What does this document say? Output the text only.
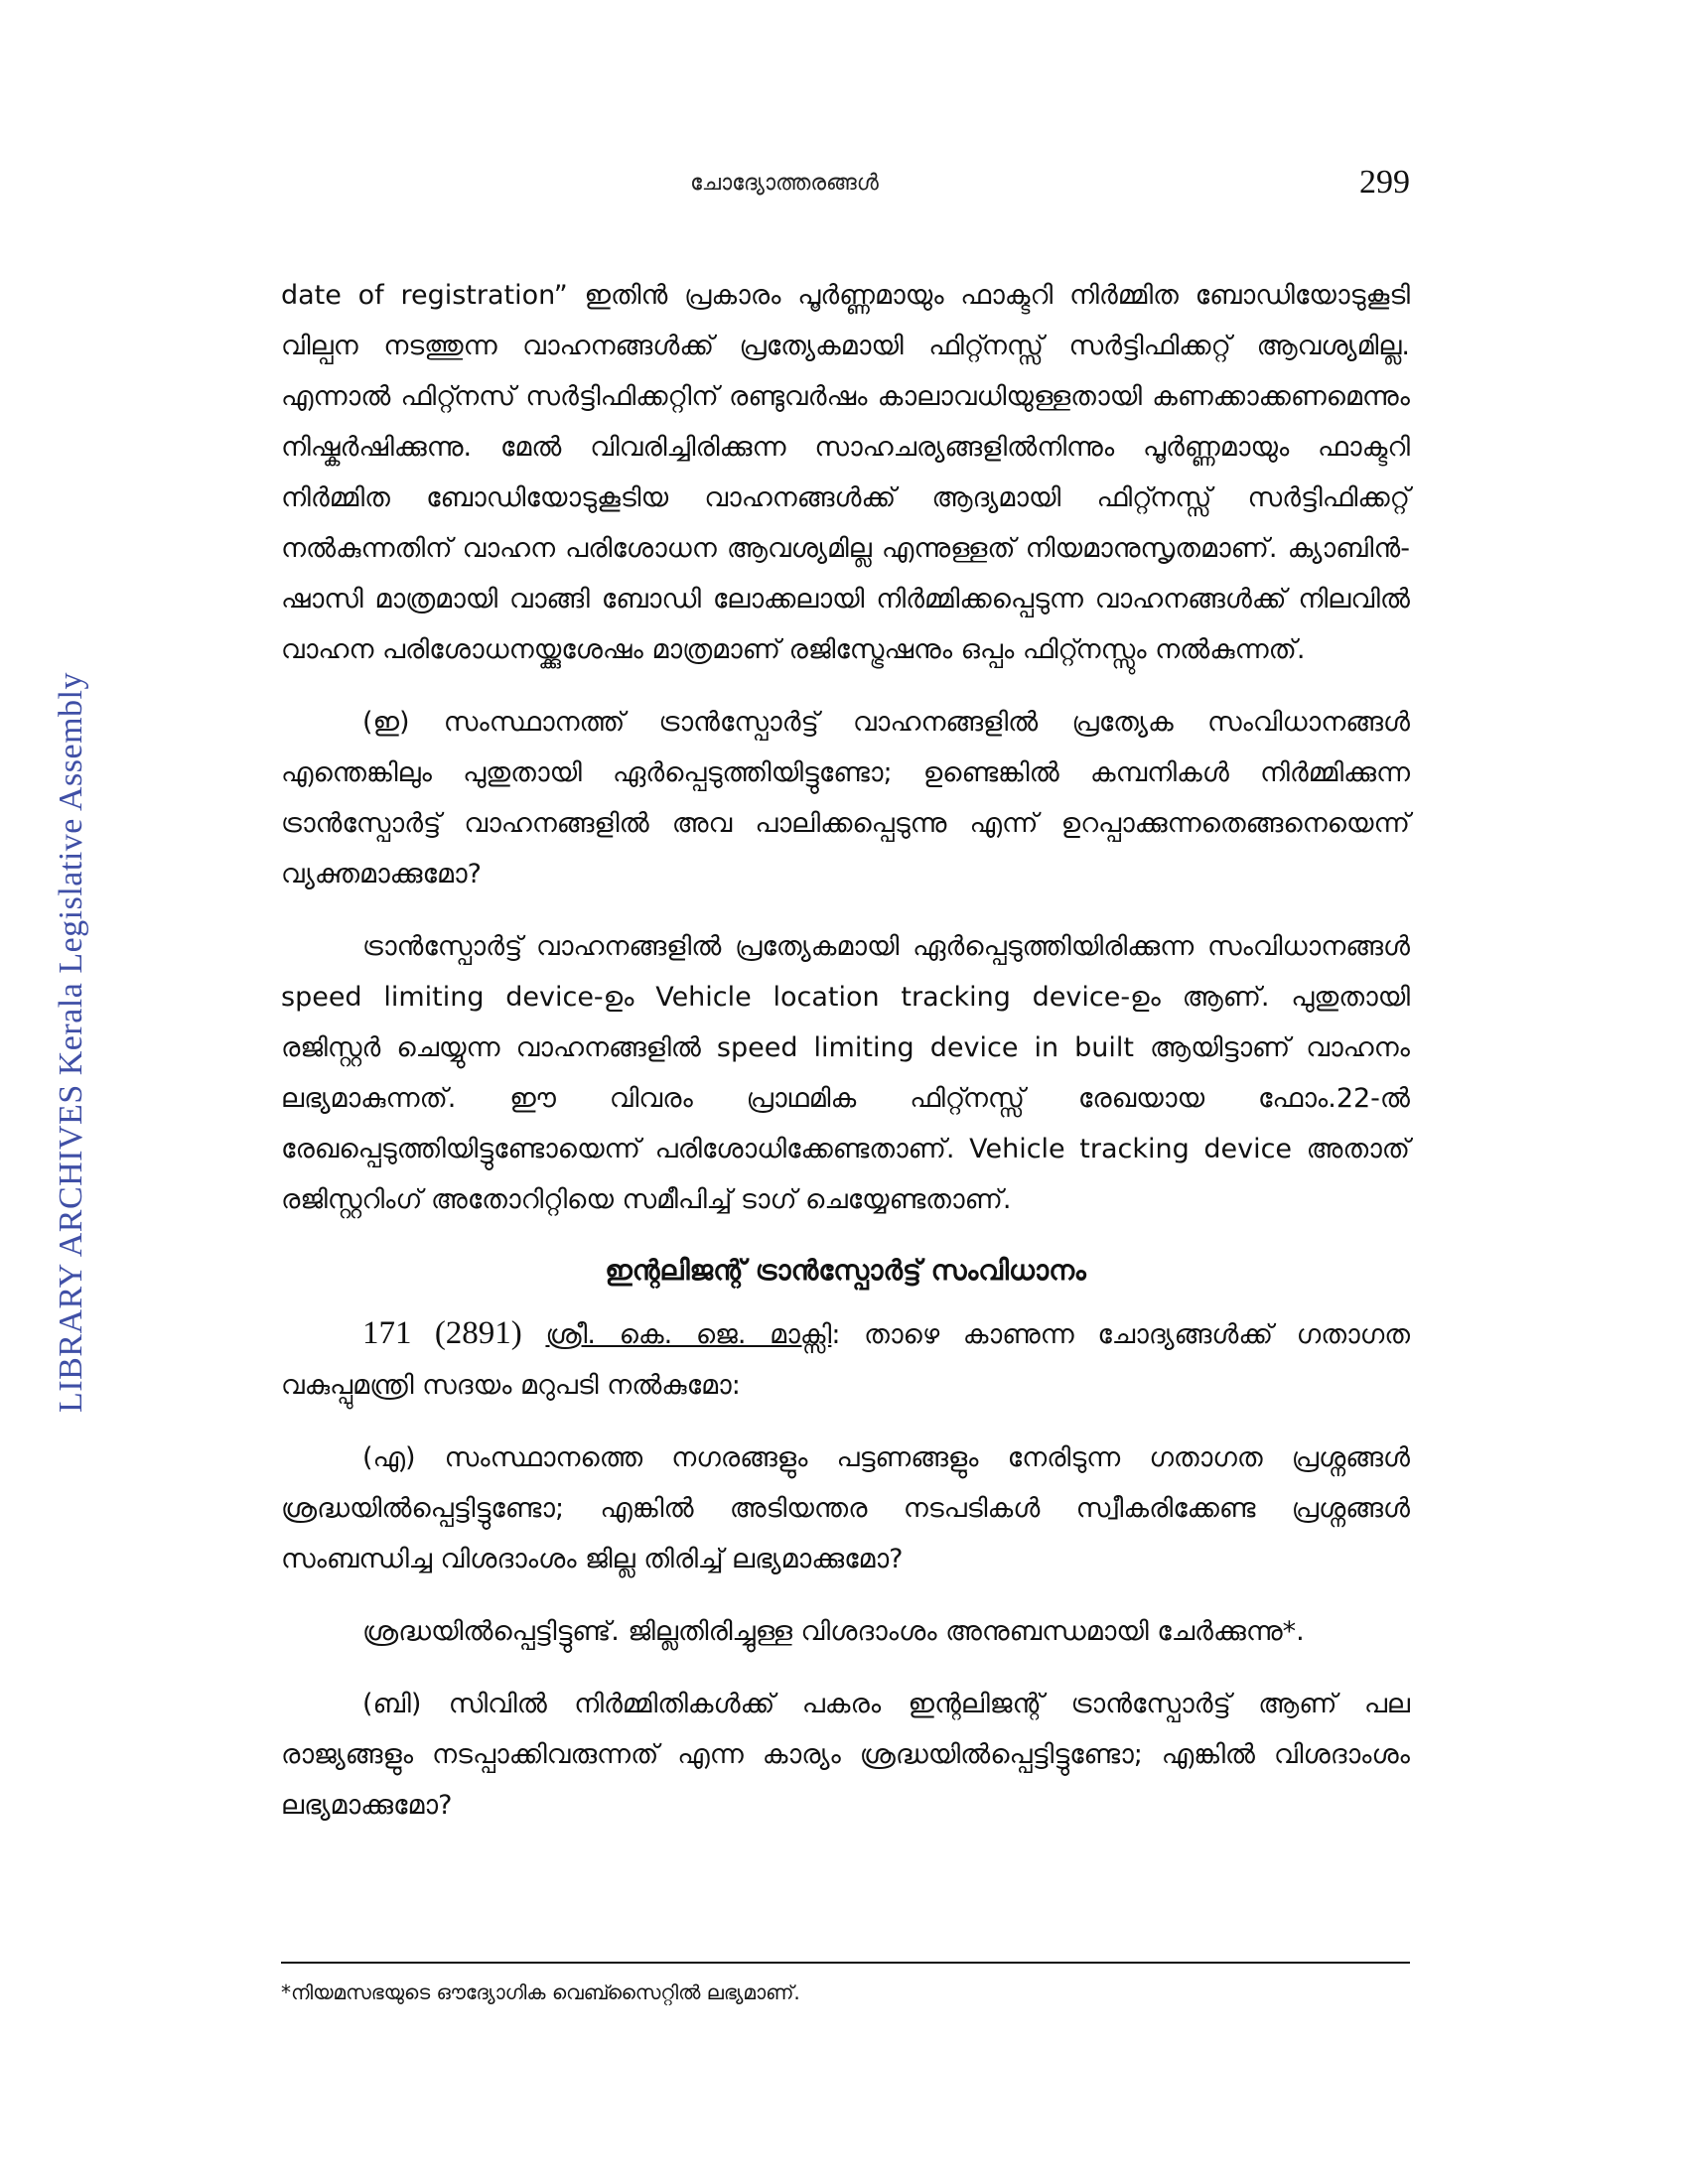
LIBRARY ARCHIVES Kerala Legislative Assembly
ചോദ്യോത്തരങ്ങൾ	299

date of registration” ഇതിൻ പ്രകാരം പൂർണ്ണമായും ഫാക്ടറി നിർമ്മിത ബോഡിയോടുകൂടി വില്പന നടത്തുന്ന വാഹനങ്ങൾക്ക് പ്രത്യേകമായി ഫിറ്റ്നസ്സ് സർട്ടിഫിക്കറ്റ് ആവശ്യമില്ല. എന്നാൽ ഫിറ്റ്നസ് സർട്ടിഫിക്കറ്റിന് രണ്ടുവർഷം കാലാവധിയുള്ളതായി കണക്കാക്കണമെന്നും നിഷ്കർഷിക്കുന്നു. മേൽ വിവരിച്ചിരിക്കുന്ന സാഹചര്യങ്ങളിൽനിന്നും പൂർണ്ണമായും ഫാക്ടറി നിർമ്മിത ബോഡിയോടുകൂടിയ വാഹനങ്ങൾക്ക് ആദ്യമായി ഫിറ്റ്നസ്സ് സർട്ടിഫിക്കറ്റ് നൽകുന്നതിന് വാഹന പരിശോധന ആവശ്യമില്ല എന്നുള്ളത് നിയമാനുസൃതമാണ്. ക്യാബിൻ-ഷാസി മാത്രമായി വാങ്ങി ബോഡി ലോക്കലായി നിർമ്മിക്കപ്പെടുന്ന വാഹനങ്ങൾക്ക് നിലവിൽ വാഹന പരിശോധനയ്ക്കുശേഷം മാത്രമാണ് രജിസ്ട്രേഷനും ഒപ്പം ഫിറ്റ്നസ്സും നൽകുന്നത്.

(ഇ) സംസ്ഥാനത്ത് ട്രാൻസ്പോർട്ട് വാഹനങ്ങളിൽ പ്രത്യേക സംവിധാനങ്ങൾ എന്തെങ്കിലും പുതുതായി ഏർപ്പെടുത്തിയിട്ടുണ്ടോ; ഉണ്ടെങ്കിൽ കമ്പനികൾ നിർമ്മിക്കുന്ന ട്രാൻസ്പോർട്ട് വാഹനങ്ങളിൽ അവ പാലിക്കപ്പെടുന്നു എന്ന് ഉറപ്പാക്കുന്നതെങ്ങനെയെന്ന് വ്യക്തമാക്കുമോ?

ട്രാൻസ്പോർട്ട് വാഹനങ്ങളിൽ പ്രത്യേകമായി ഏർപ്പെടുത്തിയിരിക്കുന്ന സംവിധാനങ്ങൾ speed limiting device-ഉം Vehicle location tracking device-ഉം ആണ്. പുതുതായി രജിസ്റ്റർ ചെയ്യുന്ന വാഹനങ്ങളിൽ speed limiting device in built ആയിട്ടാണ് വാഹനം ലഭ്യമാകുന്നത്. ഈ വിവരം പ്രാഥമിക ഫിറ്റ്നസ്സ് രേഖയായ ഫോം.22-ൽ രേഖപ്പെടുത്തിയിട്ടുണ്ടോയെന്ന് പരിശോധിക്കേണ്ടതാണ്. Vehicle tracking device അതാത് രജിസ്റ്ററിംഗ് അതോറിറ്റിയെ സമീപിച്ച് ടാഗ് ചെയ്യേണ്ടതാണ്.

ഇന്റലിജന്റ് ട്രാൻസ്പോർട്ട് സംവിധാനം

171 (2891) ശ്രീ. കെ. ജെ. മാക്സി: താഴെ കാണുന്ന ചോദ്യങ്ങൾക്ക് ഗതാഗത വകുപ്പുമന്ത്രി സദയം മറുപടി നൽകുമോ:

(എ) സംസ്ഥാനത്തെ നഗരങ്ങളും പട്ടണങ്ങളും നേരിടുന്ന ഗതാഗത പ്രശ്നങ്ങൾ ശ്രദ്ധയിൽപ്പെട്ടിട്ടുണ്ടോ; എങ്കിൽ അടിയന്തര നടപടികൾ സ്വീകരിക്കേണ്ട പ്രശ്നങ്ങൾ സംബന്ധിച്ച വിശദാംശം ജില്ല തിരിച്ച് ലഭ്യമാക്കുമോ?

ശ്രദ്ധയിൽപ്പെട്ടിട്ടുണ്ട്. ജില്ലതിരിച്ചുള്ള വിശദാംശം അനുബന്ധമായി ചേർക്കുന്നു*.

(ബി) സിവിൽ നിർമ്മിതികൾക്ക് പകരം ഇന്റലിജന്റ് ട്രാൻസ്പോർട്ട് ആണ് പല രാജ്യങ്ങളും നടപ്പാക്കിവരുന്നത് എന്ന കാര്യം ശ്രദ്ധയിൽപ്പെട്ടിട്ടുണ്ടോ; എങ്കിൽ വിശദാംശം ലഭ്യമാക്കുമോ?

*നിയമസഭയുടെ ഔദ്യോഗിക വെബ്സൈറ്റിൽ ലഭ്യമാണ്.
